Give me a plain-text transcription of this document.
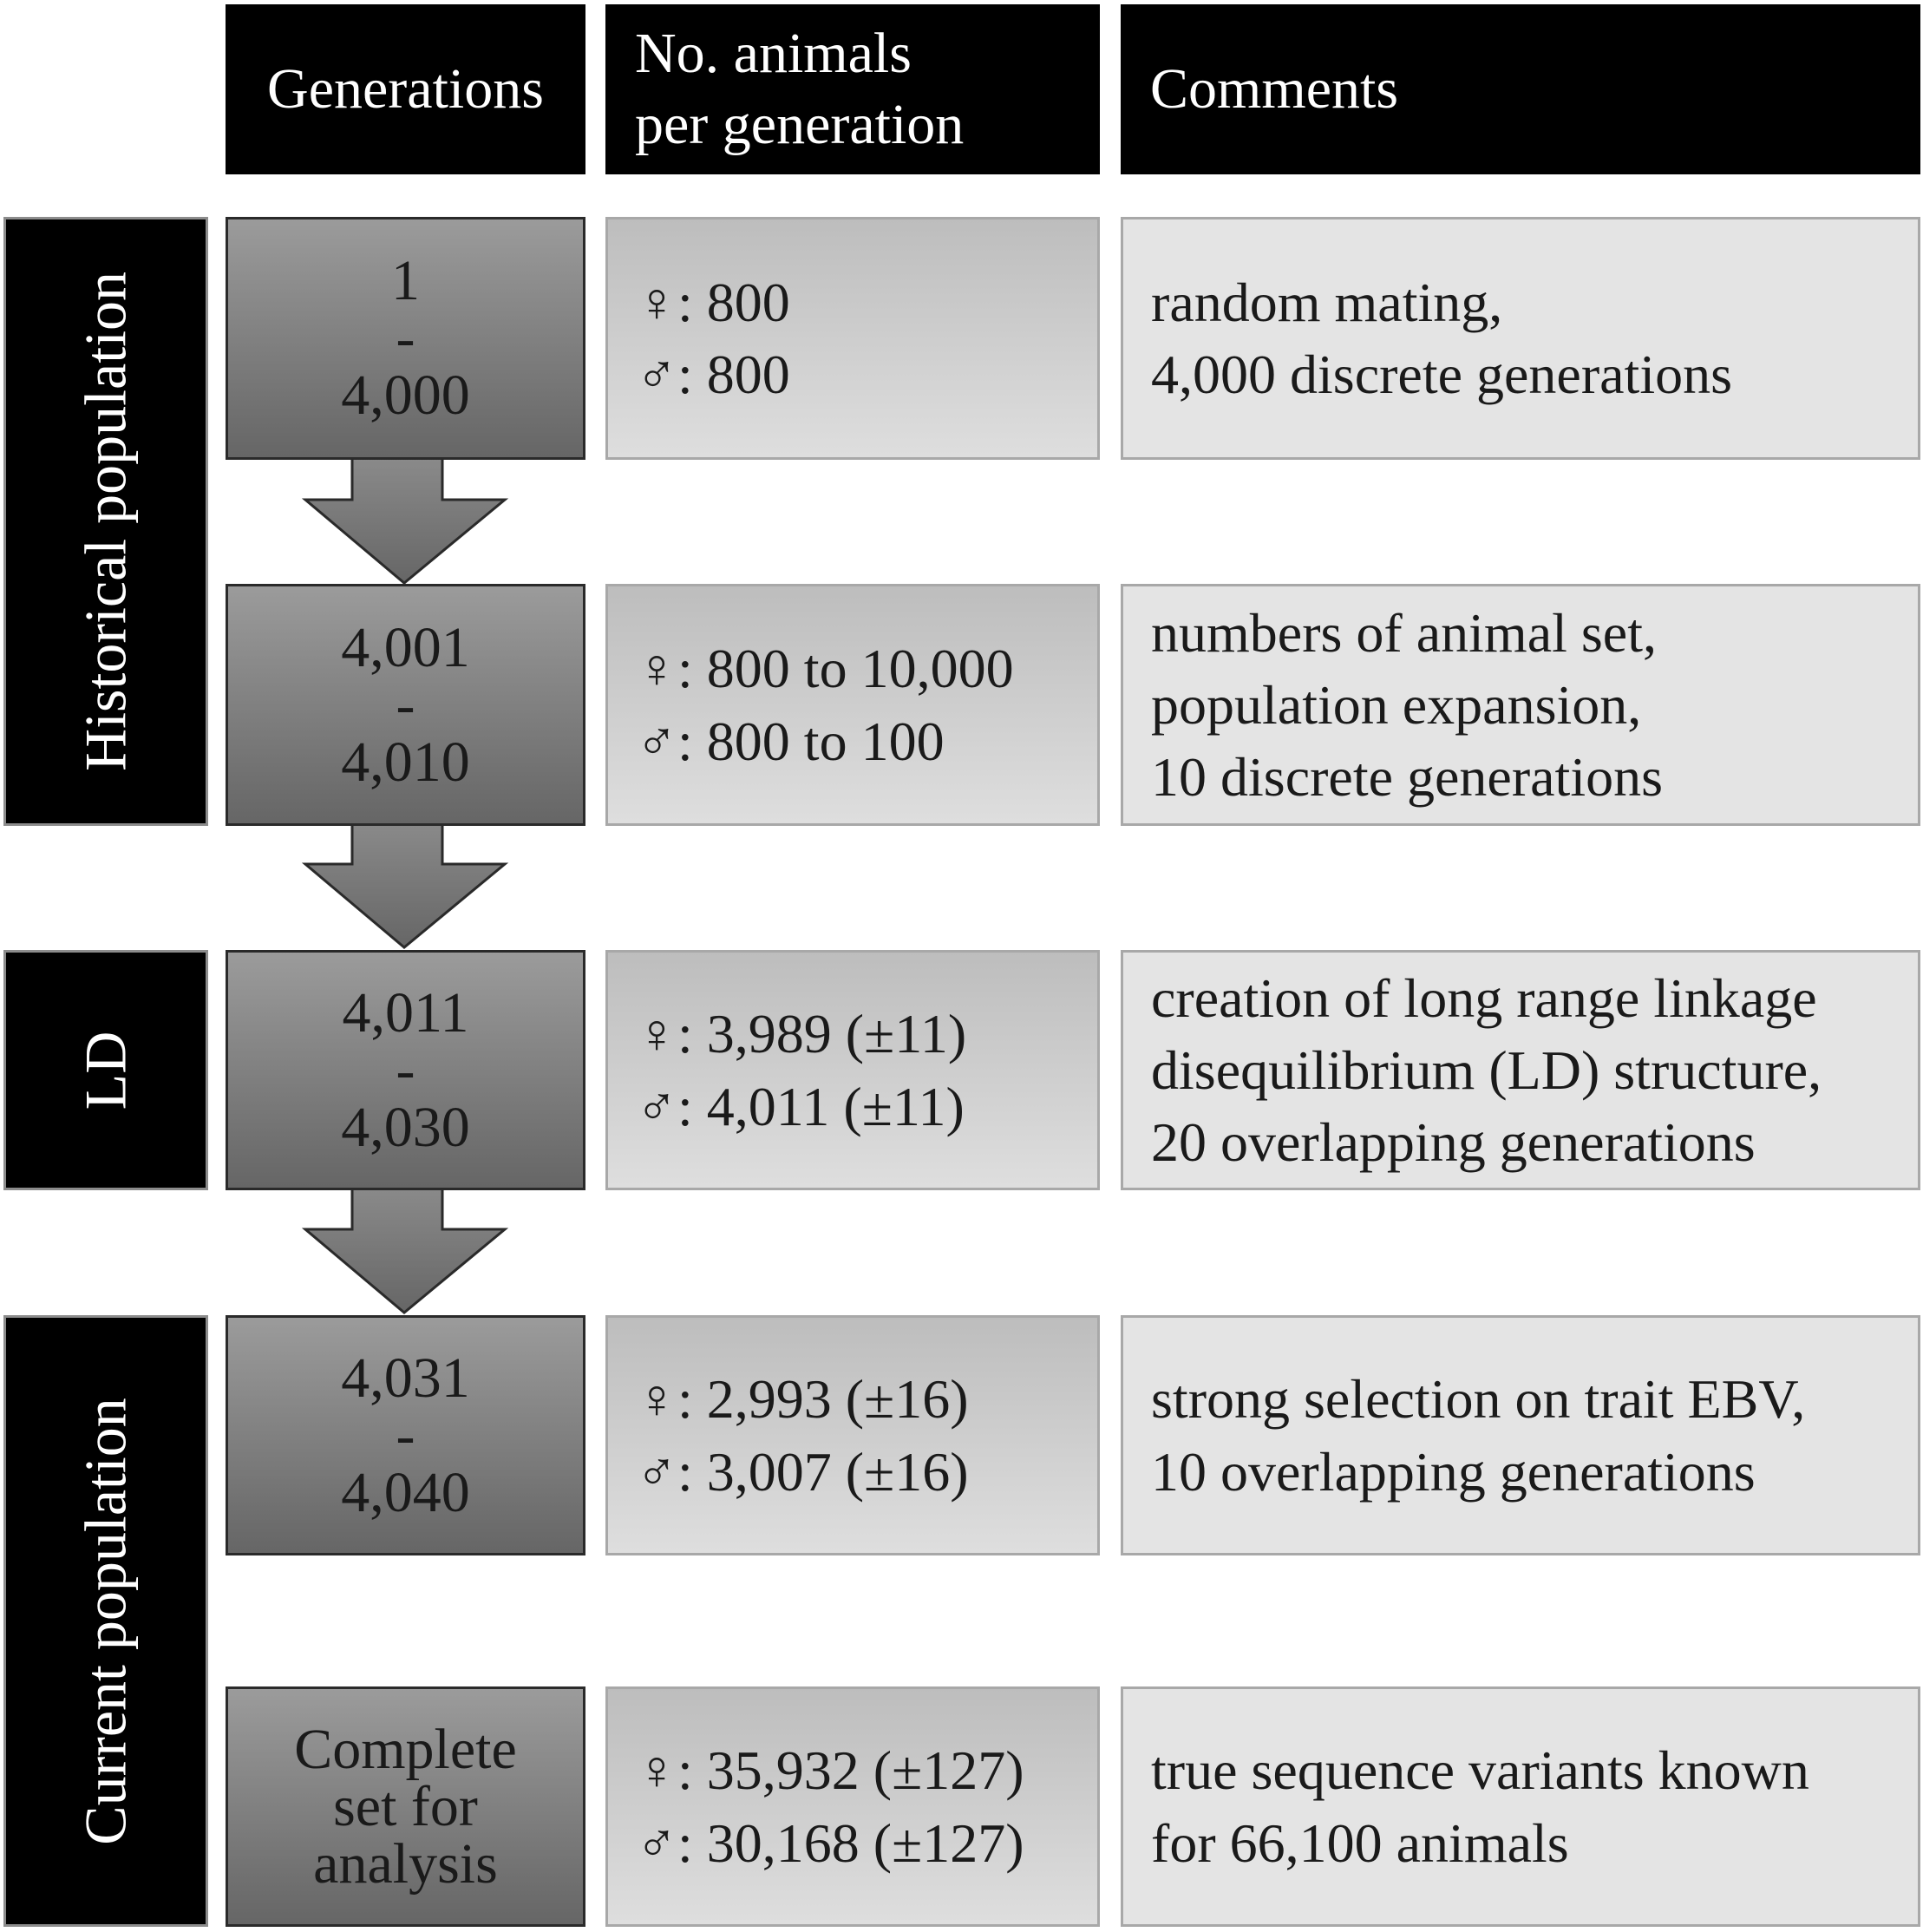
Generations
No. animals
per generation
Comments
Historical population
LD
Current population
1
-
4,000
♀: 800
♂: 800
random mating,
4,000 discrete generations
4,001
-
4,010
♀: 800 to 10,000
♂: 800 to 100
numbers of animal set,
population expansion,
10 discrete generations
4,011
-
4,030
♀: 3,989 (±11)
♂: 4,011 (±11)
creation of long range linkage
disequilibrium (LD) structure,
20 overlapping generations
4,031
-
4,040
♀: 2,993 (±16)
♂: 3,007 (±16)
strong selection on trait EBV,
10 overlapping generations
Complete
set for
analysis
♀: 35,932 (±127)
♂: 30,168 (±127)
true sequence variants known
for 66,100 animals
